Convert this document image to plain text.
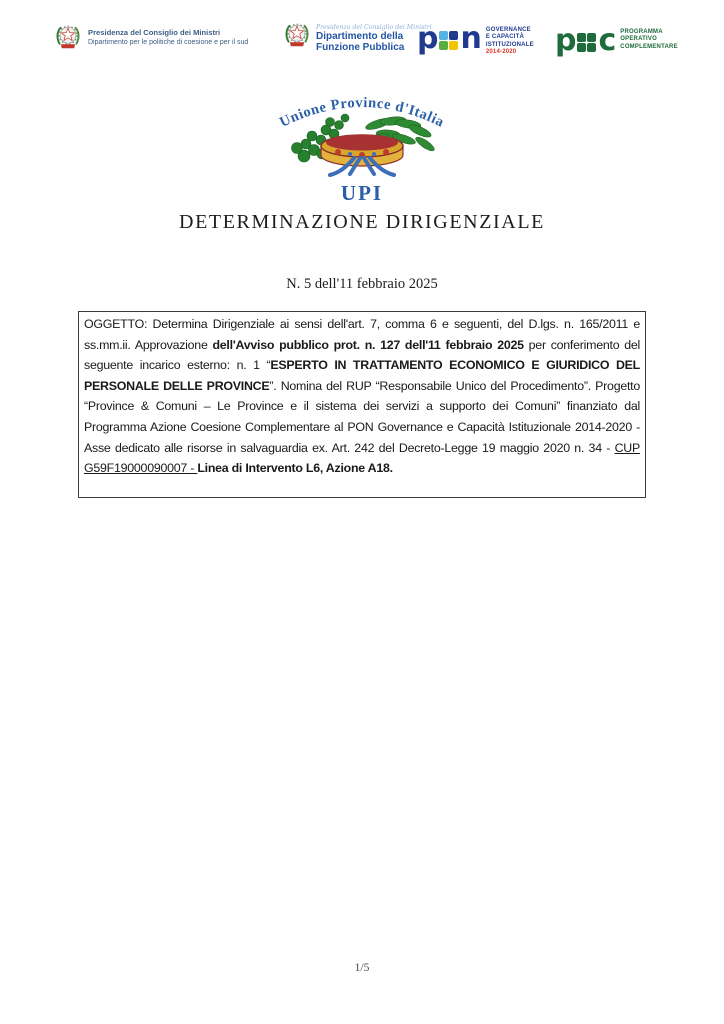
Presidenza del Consiglio dei Ministri
Dipartimento per le politiche di coesione e per il sud
Presidenza del Consiglio dei Ministri
Dipartimento della
Funzione Pubblica p n GOVERNANCE
E CAPACITÀ
ISTITUZIONALE
2014-2020	p c PROGRAMMA
OPERATIVO
COMPLEMENTARE
Unione Province d'Italia
UPI
DETERMINAZIONE DIRIGENZIALE
N. 5 dell'11 febbraio 2025

OGGETTO: Determina Dirigenziale ai sensi dell'art. 7, comma 6 e seguenti, del D.lgs. n. 165/2011 e ss.mm.ii. Approvazione dell'Avviso pubblico prot. n. 127 dell'11 febbraio 2025 per conferimento del seguente incarico esterno: n. 1 “ESPERTO IN TRATTAMENTO ECONOMICO E GIURIDICO DEL PERSONALE DELLE PROVINCE”. Nomina del RUP “Responsabile Unico del Procedimento”. Progetto “Province & Comuni – Le Province e il sistema dei servizi a supporto dei Comuni” finanziato dal Programma Azione Coesione Complementare al PON Governance e Capacità Istituzionale 2014-2020 - Asse dedicato alle risorse in salvaguardia ex. Art. 242 del Decreto-Legge 19 maggio 2020 n. 34 - CUP G59F19000090007 - Linea di Intervento L6, Azione A18.

1/5
